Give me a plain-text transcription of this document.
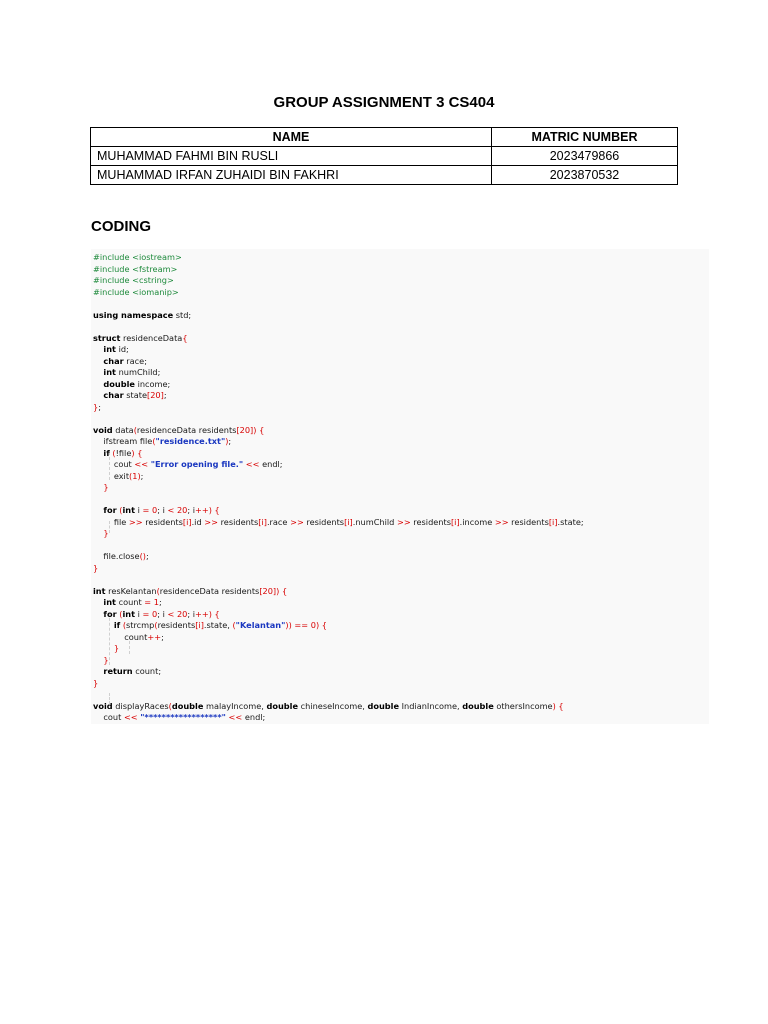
GROUP ASSIGNMENT 3 CS404
NAME	MATRIC NUMBER
MUHAMMAD FAHMI BIN RUSLI	2023479866
MUHAMMAD IRFAN ZUHAIDI BIN FAKHRI	2023870532
CODING
#include <iostream>
#include <fstream>
#include <cstring>
#include <iomanip>
using namespace std;
struct residenceData{
int id;
char race;
int numChild;
double income;
char state[20];
};
void data(residenceData residents[20]) {
ifstream file("residence.txt");
if (!file) {
cout << "Error opening file." << endl;
exit(1);
}
for (int i = 0; i < 20; i++) {
file >> residents[i].id >> residents[i].race >> residents[i].numChild >> residents[i].income >> residents[i].state;
}
file.close();
}
int resKelantan(residenceData residents[20]) {
int count = 1;
for (int i = 0; i < 20; i++) {
if (strcmp(residents[i].state, ("Kelantan")) == 0) {
count++;
}
}
return count;
}
void displayRaces(double malayIncome, double chineseIncome, double IndianIncome, double othersIncome) {
cout << "******************" << endl;
